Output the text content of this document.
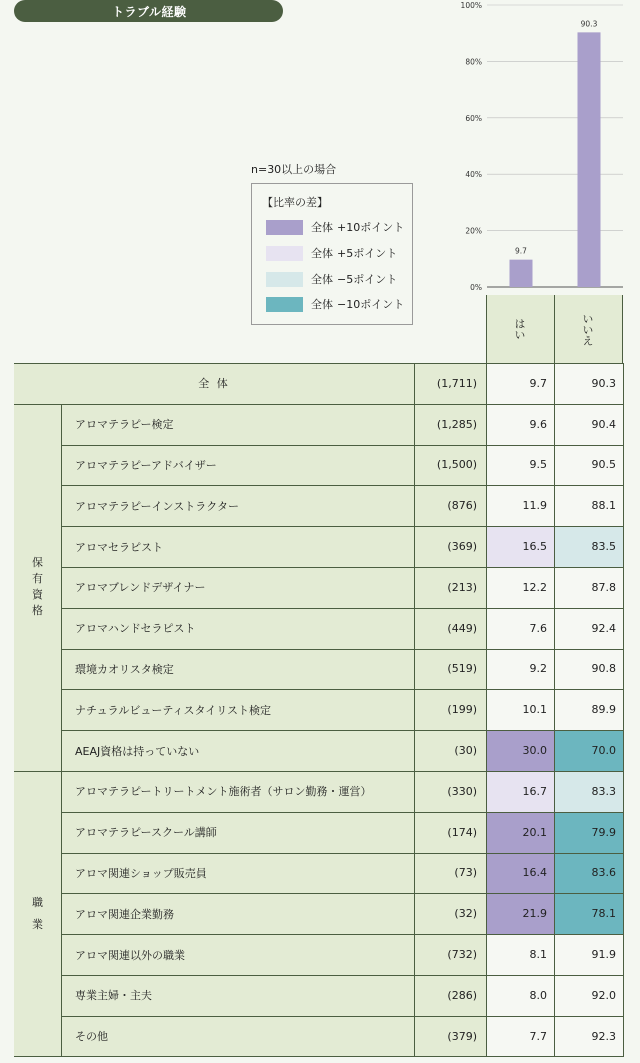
トラブル経験
0%
20%
40%
60%
80%
100%
9.7
90.3
n=30以上の場合
【比率の差】
全体 +10ポイント
全体 +5ポイント
全体 −5ポイント
全体 −10ポイント
全 体	(1,711)	9.7	90.3
保
有
資
格
アロマテラピー検定	(1,285)	9.6	90.4
アロマテラピーアドバイザー	(1,500)	9.5	90.5
アロマテラピーインストラクター	(876)	11.9	88.1
アロマセラピスト	(369)	16.5	83.5
アロマブレンドデザイナー	(213)	12.2	87.8
アロマハンドセラピスト	(449)	7.6	92.4
環境カオリスタ検定	(519)	9.2	90.8
ナチュラルビューティスタイリスト検定	(199)	10.1	89.9
AEAJ資格は持っていない	(30)	30.0	70.0
職
業
アロマテラピートリートメント施術者（サロン勤務・運営）	(330)	16.7	83.3
アロマテラピースクール講師	(174)	20.1	79.9
アロマ関連ショップ販売員	(73)	16.4	83.6
アロマ関連企業勤務	(32)	21.9	78.1
アロマ関連以外の職業	(732)	8.1	91.9
専業主婦・主夫	(286)	8.0	92.0
その他	(379)	7.7	92.3
はい	いいえ
